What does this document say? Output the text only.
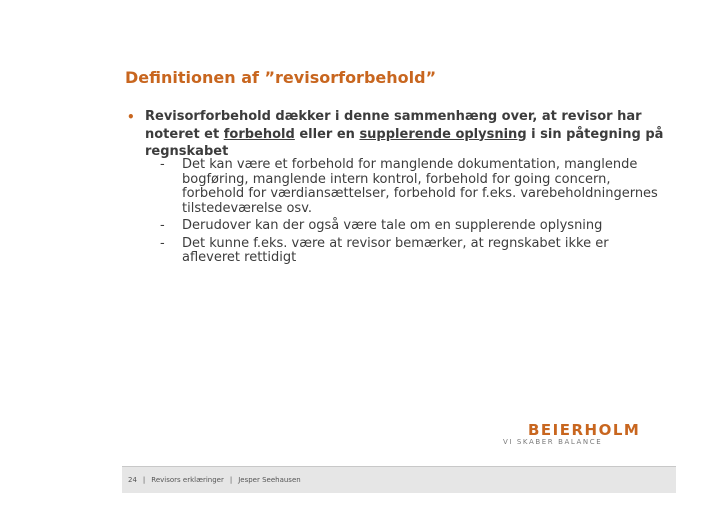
Definitionen af ”revisorforbehold”
• Revisorforbehold dækker i denne sammenhæng over, at revisor har noteret et forbehold eller en supplerende oplysning i sin påtegning på regnskabet
- Det kan være et forbehold for manglende dokumentation, manglende bogføring, manglende intern kontrol, forbehold for going concern, forbehold for værdiansættelser, forbehold for f.eks. varebeholdningernes tilstedeværelse osv.
- Derudover kan der også være tale om en supplerende oplysning
- Det kunne f.eks. være at revisor bemærker, at regnskabet ikke er afleveret rettidigt
BEIERHOLM
VI SKABER BALANCE
24 | Revisors erklæringer | Jesper Seehausen
